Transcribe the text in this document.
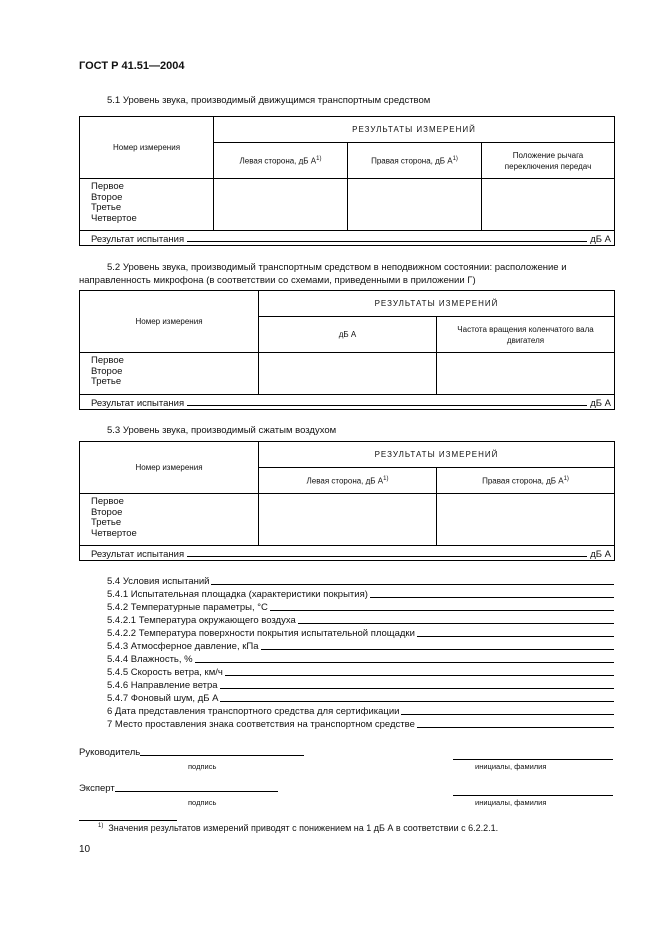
ГОСТ Р 41.51—2004
5.1 Уровень звука, производимый движущимся транспортным средством
Номер измерения	РЕЗУЛЬТАТЫ ИЗМЕРЕНИЙ		
	Левая сторона, дБ $А^{1)}$	Правая сторона, дБ $А^{1)}$	Положение рычага переключения передач

Первое
Второе
Третье
Четвертое			

Результат испытания дБ А			
5.2 Уровень звука, производимый транспортным средством в неподвижном состоянии: расположение и
направленность микрофона (в соответствии со схемами, приведенными в приложении Г)
Номер измерения	РЕЗУЛЬТАТЫ ИЗМЕРЕНИЙ	
	дБ А	Частота вращения коленчатого вала двигателя

Первое
Второе
Третье		

Результат испытания дБ А		
5.3 Уровень звука, производимый сжатым воздухом
Номер измерения	РЕЗУЛЬТАТЫ ИЗМЕРЕНИЙ	
	Левая сторона, дБ $А^{1)}$	Правая сторона, дБ $А^{1)}$

Первое
Второе
Третье
Четвертое		

Результат испытания дБ А		
5.4 Условия испытаний
5.4.1 Испытательная площадка (характеристики покрытия)
5.4.2 Температурные параметры, °С
5.4.2.1 Температура окружающего воздуха
5.4.2.2 Температура поверхности покрытия испытательной площадки
5.4.3 Атмосферное давление, кПа
5.4.4 Влажность, %
5.4.5 Скорость ветра, км/ч
5.4.6 Направление ветра
5.4.7 Фоновый шум, дБ А
6 Дата представления транспортного средства для сертификации
7 Место проставления знака соответствия на транспортном средстве
Руководитель
подпись	инициалы, фамилия
Эксперт
подпись	инициалы, фамилия
$^{1)}$ Значения результатов измерений приводят с понижением на 1 дБ А в соответствии с 6.2.2.1.
10
